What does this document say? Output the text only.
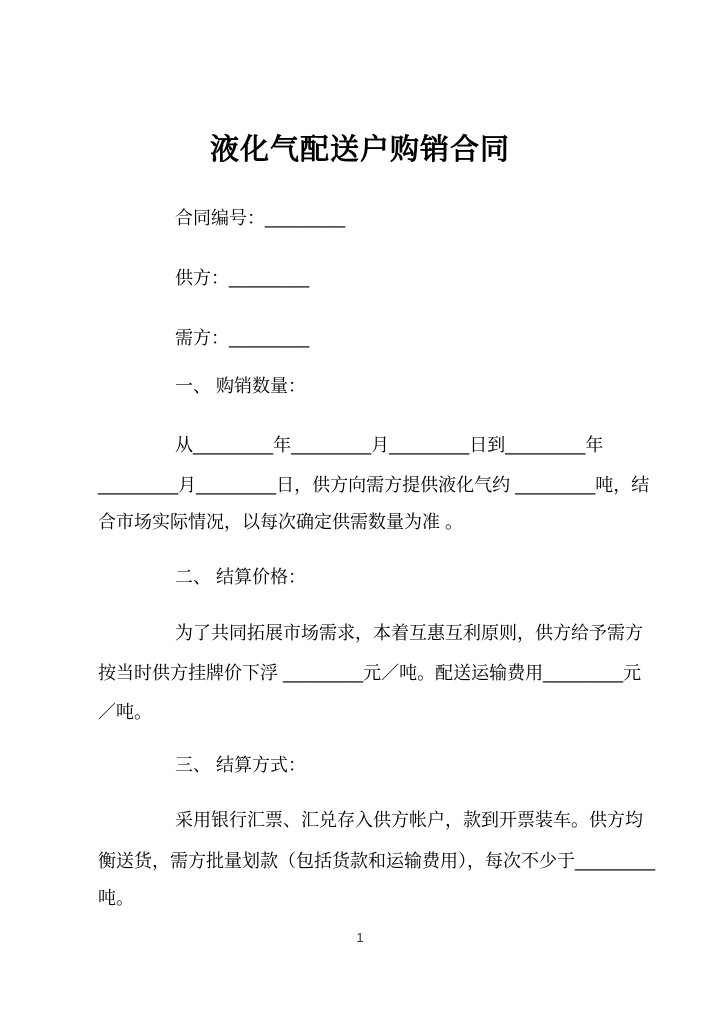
液化气配送户购销合同
合同编号：________
供方：________
需方：________
一、 购销数量：
从________年________月________日到________年
________月________日，供方向需方提供液化气约 ________吨，结
合市场实际情况，以每次确定供需数量为准 。
二、 结算价格：
为了共同拓展市场需求，本着互惠互利原则，供方给予需方
按当时供方挂牌价下浮 ________元／吨。配送运输费用________元
／吨。
三、 结算方式：
采用银行汇票、汇兑存入供方帐户，款到开票装车。供方均
衡送货，需方批量划款（包括货款和运输费用），每次不少于________
吨。
1
